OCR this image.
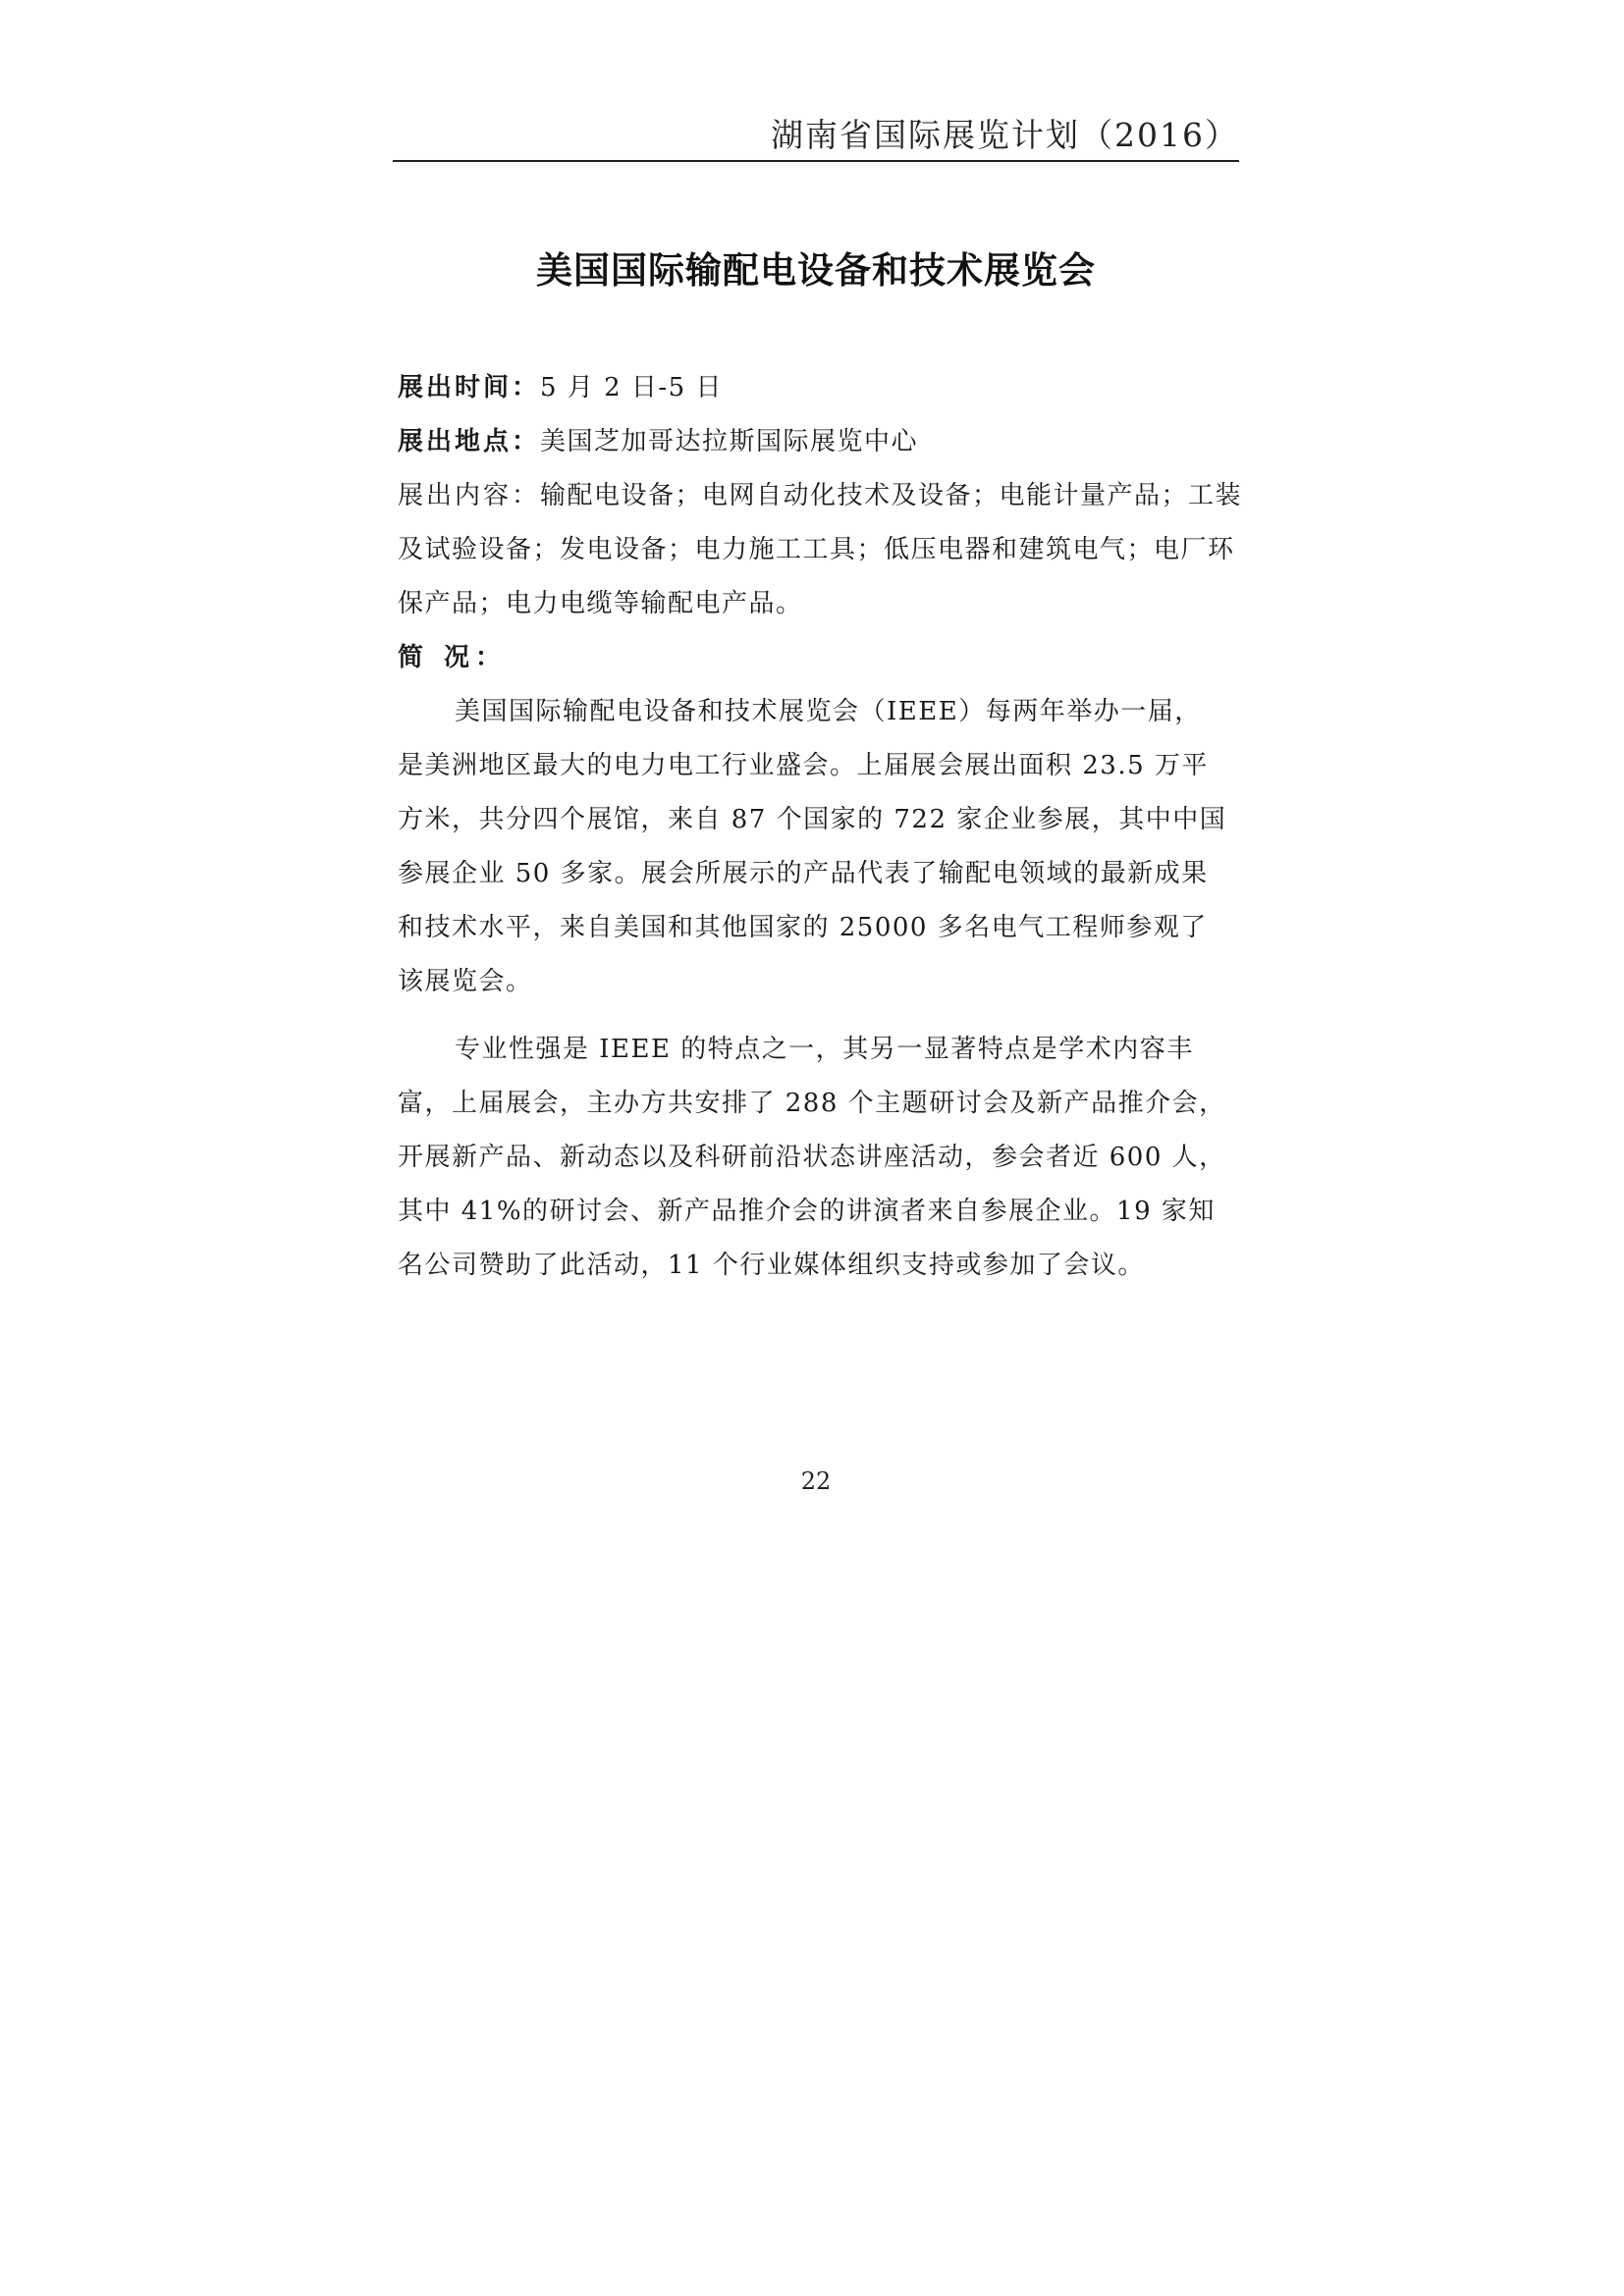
湖南省国际展览计划（2016）
美国国际输配电设备和技术展览会

展出时间：5 月 2 日-5 日

展出地点：美国芝加哥达拉斯国际展览中心

展出内容：输配电设备；电网自动化技术及设备；电能计量产品；工装

及试验设备；发电设备；电力施工工具；低压电器和建筑电气；电厂环

保产品；电力电缆等输配电产品。

简 况：

美国国际输配电设备和技术展览会（IEEE）每两年举办一届，

是美洲地区最大的电力电工行业盛会。上届展会展出面积 23.5 万平

方米，共分四个展馆，来自 87 个国家的 722 家企业参展，其中中国

参展企业 50 多家。展会所展示的产品代表了输配电领域的最新成果

和技术水平，来自美国和其他国家的 25000 多名电气工程师参观了

该展览会。

专业性强是 IEEE 的特点之一，其另一显著特点是学术内容丰

富，上届展会，主办方共安排了 288 个主题研讨会及新产品推介会，

开展新产品、新动态以及科研前沿状态讲座活动，参会者近 600 人，

其中 41%的研讨会、新产品推介会的讲演者来自参展企业。19 家知

名公司赞助了此活动，11 个行业媒体组织支持或参加了会议。

22
